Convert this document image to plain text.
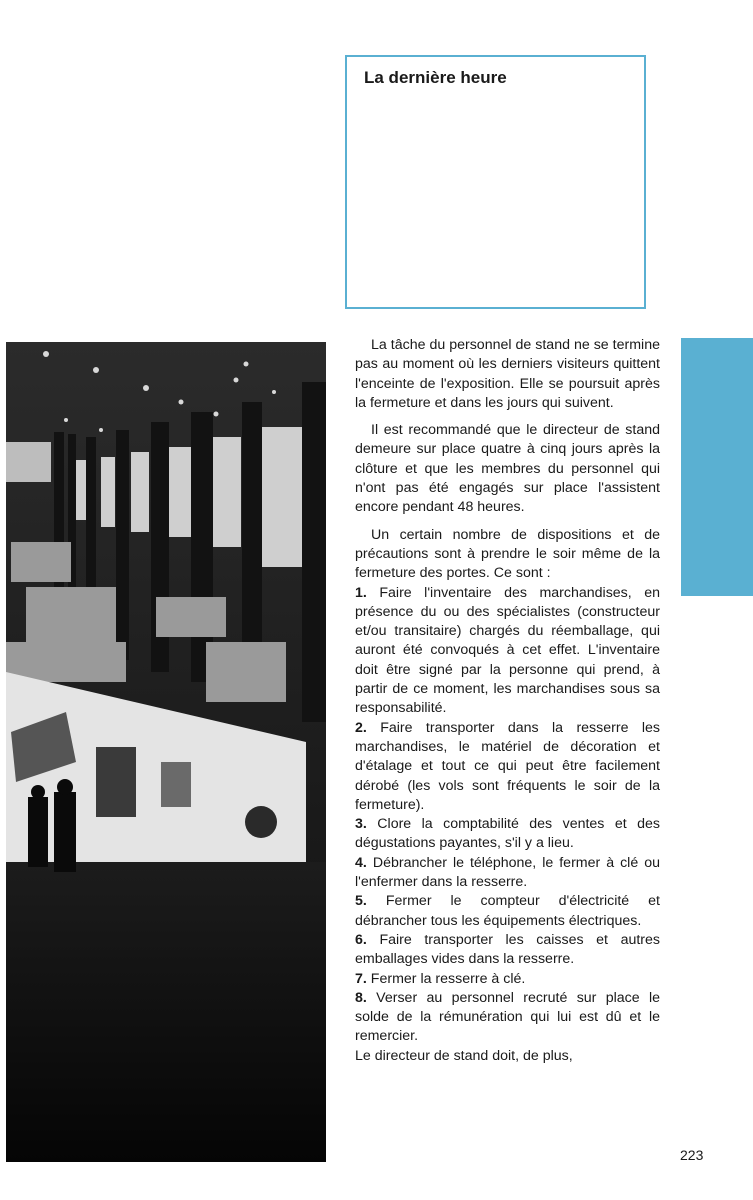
La dernière heure

La tâche du personnel de stand ne se termine pas au moment où les derniers visiteurs quittent l'enceinte de l'exposition. Elle se poursuit après la fermeture et dans les jours qui suivent.

Il est recommandé que le directeur de stand demeure sur place quatre à cinq jours après la clôture et que les membres du personnel qui n'ont pas été engagés sur place l'assistent encore pendant 48 heures.

Un certain nombre de dispositions et de précautions sont à prendre le soir même de la fermeture des portes. Ce sont :

1. Faire l'inventaire des marchandises, en présence du ou des spécialistes (constructeur et/ou transitaire) chargés du réemballage, qui auront été convoqués à cet effet. L'inventaire doit être signé par la personne qui prend, à partir de ce moment, les marchandises sous sa responsabilité.
2. Faire transporter dans la resserre les marchandises, le matériel de décoration et d'étalage et tout ce qui peut être facilement dérobé (les vols sont fréquents le soir de la fermeture).
3. Clore la comptabilité des ventes et des dégustations payantes, s'il y a lieu.
4. Débrancher le téléphone, le fermer à clé ou l'enfermer dans la resserre.
5. Fermer le compteur d'électricité et débrancher tous les équipements électriques.
6. Faire transporter les caisses et autres emballages vides dans la resserre.
7. Fermer la resserre à clé.
8. Verser au personnel recruté sur place le solde de la rémunération qui lui est dû et le remercier.
Le directeur de stand doit, de plus,
223
